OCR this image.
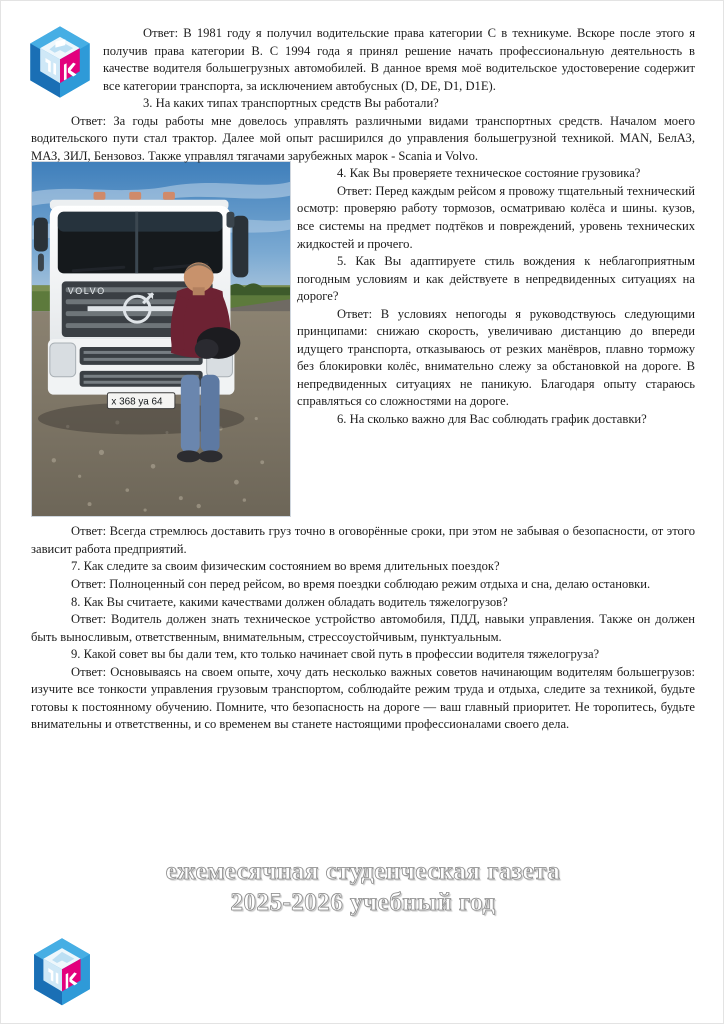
VOLVO
х 368 уа 64

Ответ: В 1981 году я получил водительские права категории С в техникуме. Вскоре после этого я получив права категории B. С 1994 года я принял решение начать профессиональную деятельность в качестве водителя большегрузных автомобилей. В данное время моё водительское удостоверение содержит все категории транспорта, за исключением автобусных (D, DE, D1, D1E).

3. На каких типах транспортных средств Вы работали?

Ответ: За годы работы мне довелось управлять различными видами транспортных средств. Началом моего водительского пути стал трактор. Далее мой опыт расширился до управления большегрузной техникой. MAN, БелАЗ, МАЗ, ЗИЛ, Бензовоз. Также управлял тягачами зарубежных марок - Scania и Volvo.

4. Как Вы проверяете техническое состояние грузовика?

Ответ: Перед каждым рейсом я провожу тщательный технический осмотр: проверяю работу тормозов, осматриваю колёса и шины. кузов, все системы на предмет подтёков и повреждений, уровень технических жидкостей и прочего.

5. Как Вы адаптируете стиль вождения к неблагоприятным погодным условиям и как действуете в непредвиденных ситуациях на дороге?

Ответ: В условиях непогоды я руководствуюсь следующими принципами: снижаю скорость, увеличиваю дистанцию до впереди идущего транспорта, отказываюсь от резких манёвров, плавно торможу без блокировки колёс, внимательно слежу за обстановкой на дороге. В непредвиденных ситуациях не паникую. Благодаря опыту стараюсь справляться со сложностями на дороге.

6. На сколько важно для Вас соблюдать график доставки?

Ответ: Всегда стремлюсь доставить груз точно в оговорённые сроки, при этом не забывая о безопасности, от этого зависит работа предприятий.

7. Как следите за своим физическим состоянием во время длительных поездок?

Ответ: Полноценный сон перед рейсом, во время поездки соблюдаю режим отдыха и сна, делаю остановки.

8. Как Вы считаете, какими качествами должен обладать водитель тяжелогрузов?

Ответ: Водитель должен знать техническое устройство автомобиля, ПДД, навыки управления. Также он должен быть выносливым, ответственным, внимательным, стрессоустойчивым, пунктуальным.

9. Какой совет вы бы дали тем, кто только начинает свой путь в профессии водителя тяжелогруза?

Ответ: Основываясь на своем опыте, хочу дать несколько важных советов начинающим водителям большегрузов: изучите все тонкости управления грузовым транспортом, соблюдайте режим труда и отдыха, следите за техникой, будьте готовы к постоянному обучению. Помните, что безопасность на дороге — ваш главный приоритет. Не торопитесь, будьте внимательны и ответственны, и со временем вы станете настоящими профессионалами своего дела.

ежемесячная студенческая газета
2025-2026 учебный год
